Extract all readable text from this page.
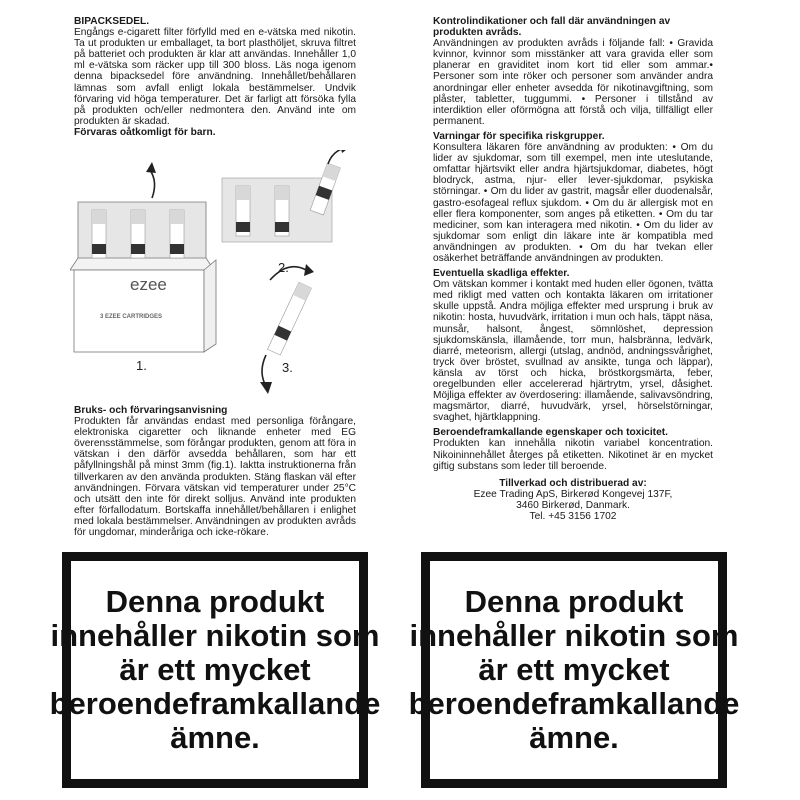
BIPACKSEDEL.

Engångs e-cigarett filter förfylld med en e-vätska med nikotin. Ta ut produkten ur emballaget, ta bort plasthöljet, skruva filtret på batteriet och produkten är klar att användas. Innehåller 1,0 ml e-vätska som räcker upp till 300 bloss. Läs noga igenom denna bipacksedel före användning. Innehållet/behållaren lämnas som avfall enligt lokala bestämmelser. Undvik förvaring vid höga temperaturer. Det är farligt att försöka fylla på produkten och/eller nedmontera den. Använd inte om produkten är skadad.

Förvaras oåtkomligt för barn.
ezee
3 EZEE CARTRIDGES
1.
2.
3.
Bruks- och förvaringsanvisning

Produkten får användas endast med personliga förångare, elektroniska cigaretter och liknande enheter med EG överensstämmelse, som förångar produkten, genom att föra in vätskan i den därför avsedda behållaren, som har ett påfyllningshål på minst 3mm (fig.1). Iaktta instruktionerna från tillverkaren av den använda produkten. Stäng flaskan väl efter användningen. Förvara vätskan vid temperaturer under 25°C och utsätt den inte för direkt solljus. Använd inte produkten efter förfallodatum. Bortskaffa innehållet/behållaren i enlighet med lokala bestämmelser. Användningen av produkten avråds för ungdomar, minderåriga och icke-rökare.

Kontrolindikationer och fall där användningen av produkten avråds.

Användningen av produkten avråds i följande fall: • Gravida kvinnor, kvinnor som misstänker att vara gravida eller som planerar en graviditet inom kort tid eller som ammar.• Personer som inte röker och personer som använder andra anordningar eller enheter avsedda för nikotinavgiftning, som plåster, tabletter, tuggummi. • Personer i tillstånd av interdiktion eller oförmögna att förstå och vilja, tillfälligt eller permanent.

Varningar för specifika riskgrupper.

Konsultera läkaren före användning av produkten: • Om du lider av sjukdomar, som till exempel, men inte uteslutande, omfattar hjärtsvikt eller andra hjärtsjukdomar, diabetes, högt blodryck, astma, njur- eller lever-sjukdomar, psykiska störningar. • Om du lider av gastrit, magsår eller duodenalsår, gastro-esofageal reflux sjukdom. • Om du är allergisk mot en eller flera komponenter, som anges på etiketten. • Om du tar mediciner, som kan interagera med nikotin. • Om du lider av sjukdomar som enligt din läkare inte är kompatibla med användningen av produkten. • Om du har tvekan eller osäkerhet beträffande användningen av produkten.

Eventuella skadliga effekter.

Om vätskan kommer i kontakt med huden eller ögonen, tvätta med rikligt med vatten och kontakta läkaren om irritationer skulle uppstå. Andra möjliga effekter med ursprung i bruk av nikotin: hosta, huvudvärk, irritation i mun och hals, täppt näsa, munsår, halsont, ångest, sömnlöshet, depression sjukdomskänsla, illamående, torr mun, halsbränna, ledvärk, diarré, meteorism, allergi (utslag, andnöd, andningssvårighet, tryck över bröstet, svullnad av ansikte, tunga och läppar), känsla av törst och hicka, bröstkorgsmärta, feber, oregelbunden eller accelererad hjärtrytm, yrsel, dåsighet. Möjliga effekter av överdosering: illamående, salivavsöndring, magsmärtor, diarré, huvudvärk, yrsel, hörselstörningar, svaghet, hjärtklappning.

Beroendeframkallande egenskaper och toxicitet.

Produkten kan innehålla nikotin variabel koncentration. Nikoininnehållet återges på etiketten. Nikotinet är en mycket giftig substans som leder till beroende.

Tillverkad och distribuerad av:

Ezee Trading ApS, Birkerød Kongevej 137F,

3460 Birkerød, Danmark.

Tel. +45 3156 1702

Denna produkt innehåller nikotin som är ett mycket beroendeframkallande ämne.
Denna produkt innehåller nikotin som är ett mycket beroendeframkallande ämne.
